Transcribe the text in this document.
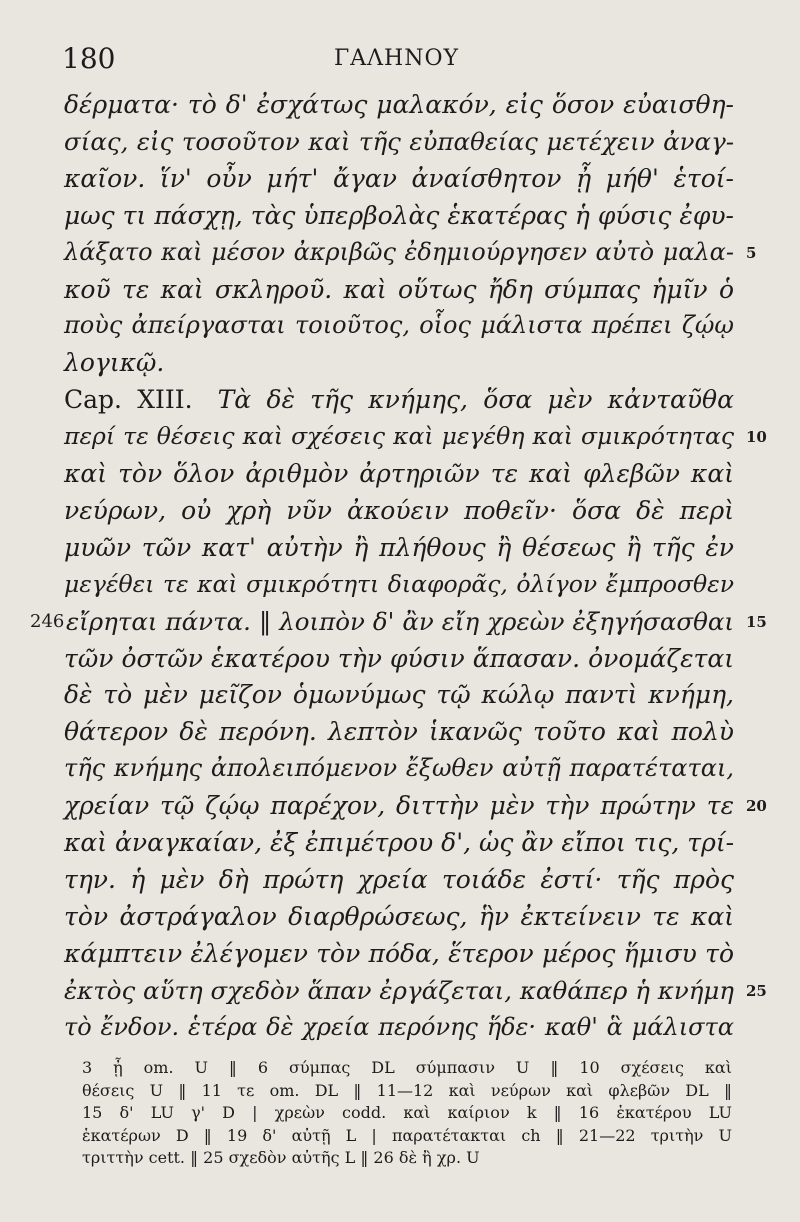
180	ΓΑΛΗΝΟΥ
δέρματα· τὸ δ' ἐσχάτως μαλακόν, εἰς ὅσον εὐαισθη-
σίας, εἰς τοσοῦτον καὶ τῆς εὐπαθείας μετέχειν ἀναγ-
καῖον. ἵν' οὖν μήτ' ἄγαν ἀναίσθητον ᾖ μήθ' ἑτοί-
μως τι πάσχῃ, τὰς ὑπερβολὰς ἑκατέρας ἡ φύσις ἐφυ-
λάξατο καὶ μέσον ἀκριβῶς ἐδημιούργησεν αὐτὸ μαλα- 5
κοῦ τε καὶ σκληροῦ. καὶ οὕτως ἤδη σύμπας ἡμῖν ὁ
ποὺς ἀπείργασται τοιοῦτος, οἷος μάλιστα πρέπει ζῴῳ
λογικῷ.
Cap. XIII.  Τὰ δὲ τῆς κνήμης, ὅσα μὲν κἀνταῦθα
περί τε θέσεις καὶ σχέσεις καὶ μεγέθη καὶ σμικρότητας 10
καὶ τὸν ὅλον ἀριθμὸν ἀρτηριῶν τε καὶ φλεβῶν καὶ
νεύρων, οὐ χρὴ νῦν ἀκούειν ποθεῖν· ὅσα δὲ περὶ
μυῶν τῶν κατ' αὐτὴν ἢ πλήθους ἢ θέσεως ἢ τῆς ἐν
μεγέθει τε καὶ σμικρότητι διαφορᾶς, ὀλίγον ἔμπροσθεν
246 εἴρηται πάντα. ‖ λοιπὸν δ' ἂν εἴη χρεὼν ἐξηγήσασθαι 15
τῶν ὀστῶν ἑκατέρου τὴν φύσιν ἅπασαν. ὀνομάζεται
δὲ τὸ μὲν μεῖζον ὁμωνύμως τῷ κώλῳ παντὶ κνήμη,
θάτερον δὲ περόνη. λεπτὸν ἱκανῶς τοῦτο καὶ πολὺ
τῆς κνήμης ἀπολειπόμενον ἔξωθεν αὐτῇ παρατέταται,
χρείαν τῷ ζῴῳ παρέχον, διττὴν μὲν τὴν πρώτην τε 20
καὶ ἀναγκαίαν, ἐξ ἐπιμέτρου δ', ὡς ἂν εἴποι τις, τρί-
την. ἡ μὲν δὴ πρώτη χρεία τοιάδε ἐστί· τῆς πρὸς
τὸν ἀστράγαλον διαρθρώσεως, ἣν ἐκτείνειν τε καὶ
κάμπτειν ἐλέγομεν τὸν πόδα, ἕτερον μέρος ἥμισυ τὸ
ἐκτὸς αὕτη σχεδὸν ἅπαν ἐργάζεται, καθάπερ ἡ κνήμη 25
τὸ ἔνδον. ἑτέρα δὲ χρεία περόνης ἥδε· καθ' ἃ μάλιστα
3 ᾖ om. U ‖ 6 σύμπας DL σύμπασιν U ‖ 10 σχέσεις καὶ
θέσεις U ‖ 11 τε om. DL ‖ 11—12 καὶ νεύρων καὶ φλεβῶν DL ‖
15 δ' LU γ' D | χρεὼν codd. καὶ καίριον k ‖ 16 ἑκατέρου LU
ἑκατέρων D ‖ 19 δ' αὐτῇ L | παρατέτακται ch ‖ 21—22 τριτὴν U
τριττὴν cett. ‖ 25 σχεδὸν αὐτῆς L ‖ 26 δὲ ἢ χρ. U
